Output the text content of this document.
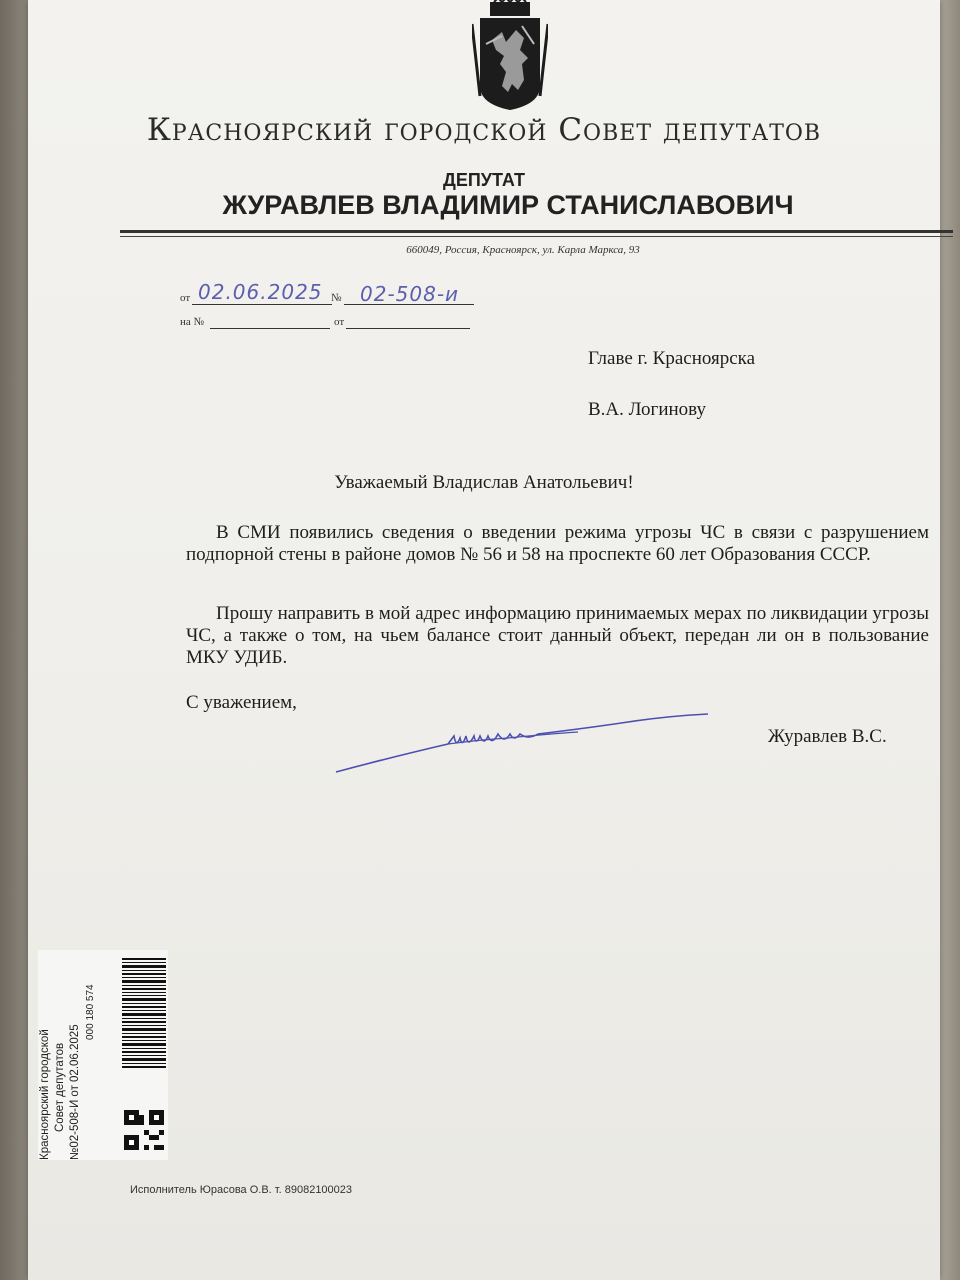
Красноярский городской Совет депутатов
ДЕПУТАТ
ЖУРАВЛЕВ ВЛАДИМИР СТАНИСЛАВОВИЧ
660049, Россия, Красноярск, ул. Карла Маркса, 93
от 02.06.2025 № 02-508-и
на №	от
Главе г. Красноярска
В.А. Логинову
Уважаемый Владислав Анатольевич!
В СМИ появились сведения о введении режима угрозы ЧС в связи с разрушением подпорной стены в районе домов № 56 и 58 на проспекте 60 лет Образования СССР.
Прошу направить в мой адрес информацию принимаемых мерах по ликвидации угрозы ЧС, а также о том, на чьем балансе стоит данный объект, передан ли он в пользование МКУ УДИБ.
С уважением,
Журавлев В.С.
Красноярский городской Совет депутатов №02-508-И от 02.06.2025
000 180 574
Исполнитель Юрасова О.В. т. 89082100023
